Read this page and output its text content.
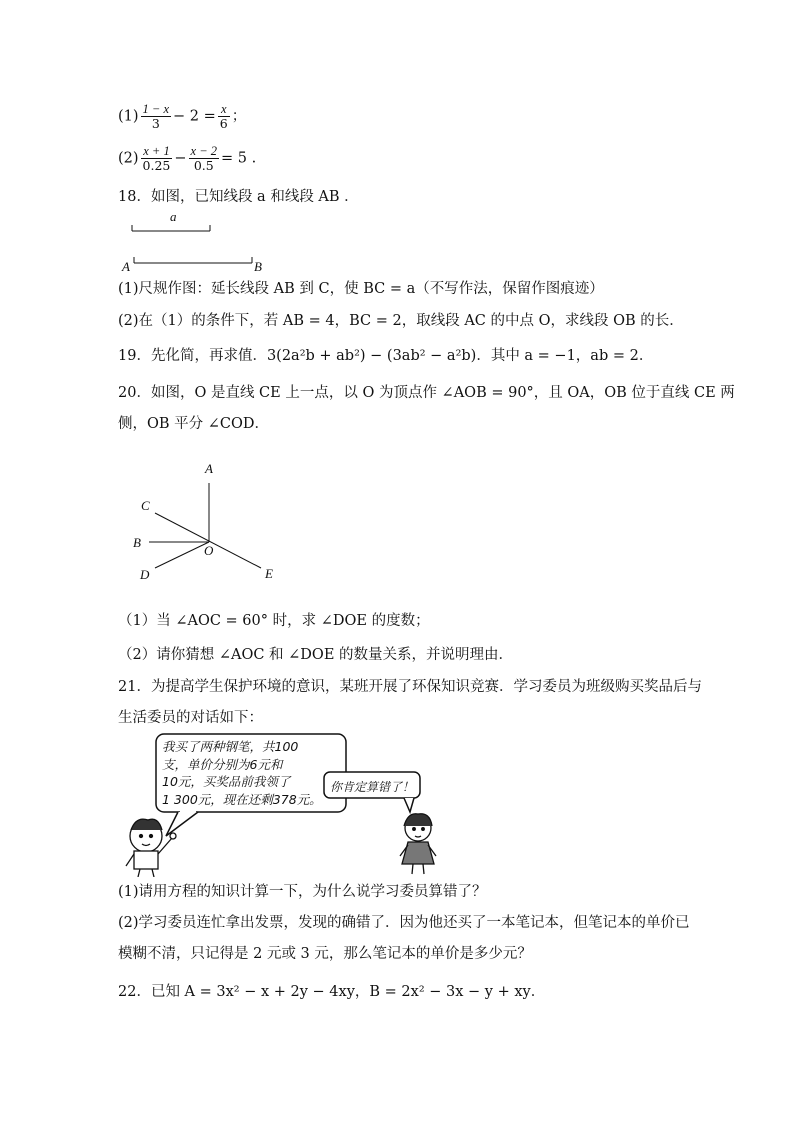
$(1) \frac{1 - x}{3} - 2 = \frac{x}{6}$ ；
$(2) \frac{x + 1}{0.25} - \frac{x - 2}{0.5} = 5$ .
18．如图，已知线段 a 和线段 AB ．
a
A	B
(1)尺规作图：延长线段 AB 到 C，使 BC = a（不写作法，保留作图痕迹）
(2)在（1）的条件下，若 AB = 4，BC = 2，取线段 AC 的中点 O，求线段 OB 的长．
19．先化简，再求值．3(2a²b + ab²) − (3ab² − a²b)．其中 a = −1，ab = 2．
20．如图，O 是直线 CE 上一点，以 O 为顶点作 ∠AOB = 90°，且 OA，OB 位于直线 CE 两
侧，OB 平分 ∠COD．
A
C
B
O
D	E
（1）当 ∠AOC = 60° 时，求 ∠DOE 的度数；
（2）请你猜想 ∠AOC 和 ∠DOE 的数量关系，并说明理由．
21．为提高学生保护环境的意识，某班开展了环保知识竞赛．学习委员为班级购买奖品后与
生活委员的对话如下：
我买了两种钢笔，共100
支，单价分别为6元和
10元，买奖品前我领了
1 300元，现在还剩378元。
你肯定算错了！
(1)请用方程的知识计算一下，为什么说学习委员算错了？
(2)学习委员连忙拿出发票，发现的确错了．因为他还买了一本笔记本，但笔记本的单价已
模糊不清，只记得是 2 元或 3 元，那么笔记本的单价是多少元？
22．已知 A = 3x² − x + 2y − 4xy，B = 2x² − 3x − y + xy．
